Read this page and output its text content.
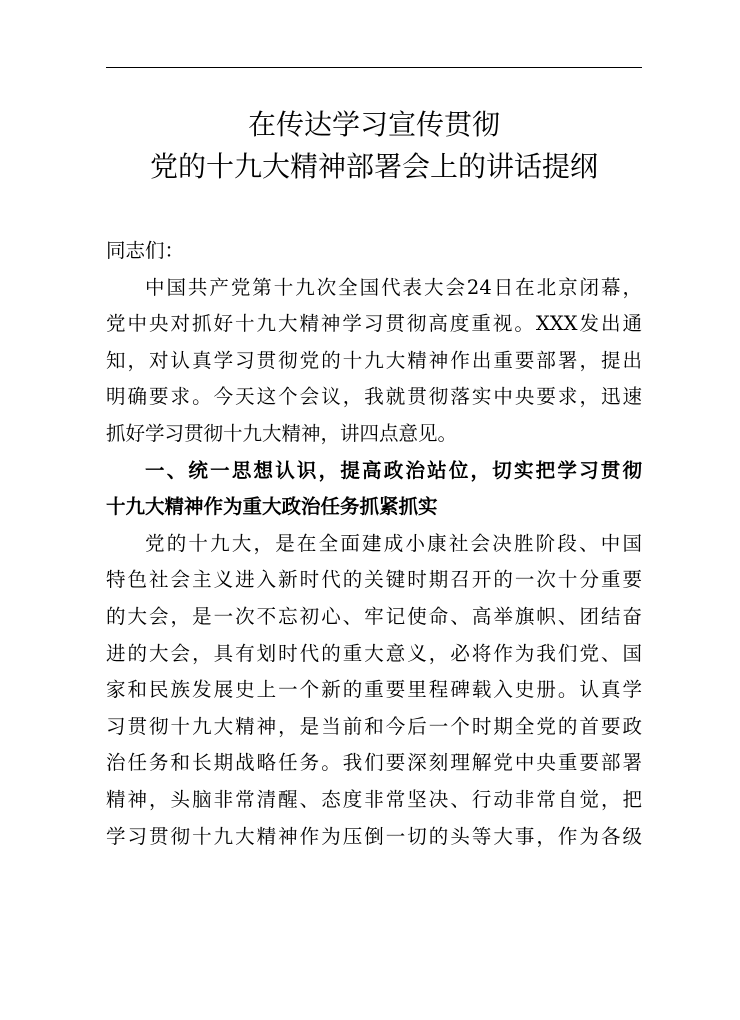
在传达学习宣传贯彻
党的十九大精神部署会上的讲话提纲
同志们：
中国共产党第十九次全国代表大会24日在北京闭幕，
党中央对抓好十九大精神学习贯彻高度重视。XXX发出通
知，对认真学习贯彻党的十九大精神作出重要部署，提出
明确要求。今天这个会议，我就贯彻落实中央要求，迅速
抓好学习贯彻十九大精神，讲四点意见。
一、统一思想认识，提高政治站位，切实把学习贯彻
十九大精神作为重大政治任务抓紧抓实
党的十九大，是在全面建成小康社会决胜阶段、中国
特色社会主义进入新时代的关键时期召开的一次十分重要
的大会，是一次不忘初心、牢记使命、高举旗帜、团结奋
进的大会，具有划时代的重大意义，必将作为我们党、国
家和民族发展史上一个新的重要里程碑载入史册。认真学
习贯彻十九大精神，是当前和今后一个时期全党的首要政
治任务和长期战略任务。我们要深刻理解党中央重要部署
精神，头脑非常清醒、态度非常坚决、行动非常自觉，把
学习贯彻十九大精神作为压倒一切的头等大事，作为各级
